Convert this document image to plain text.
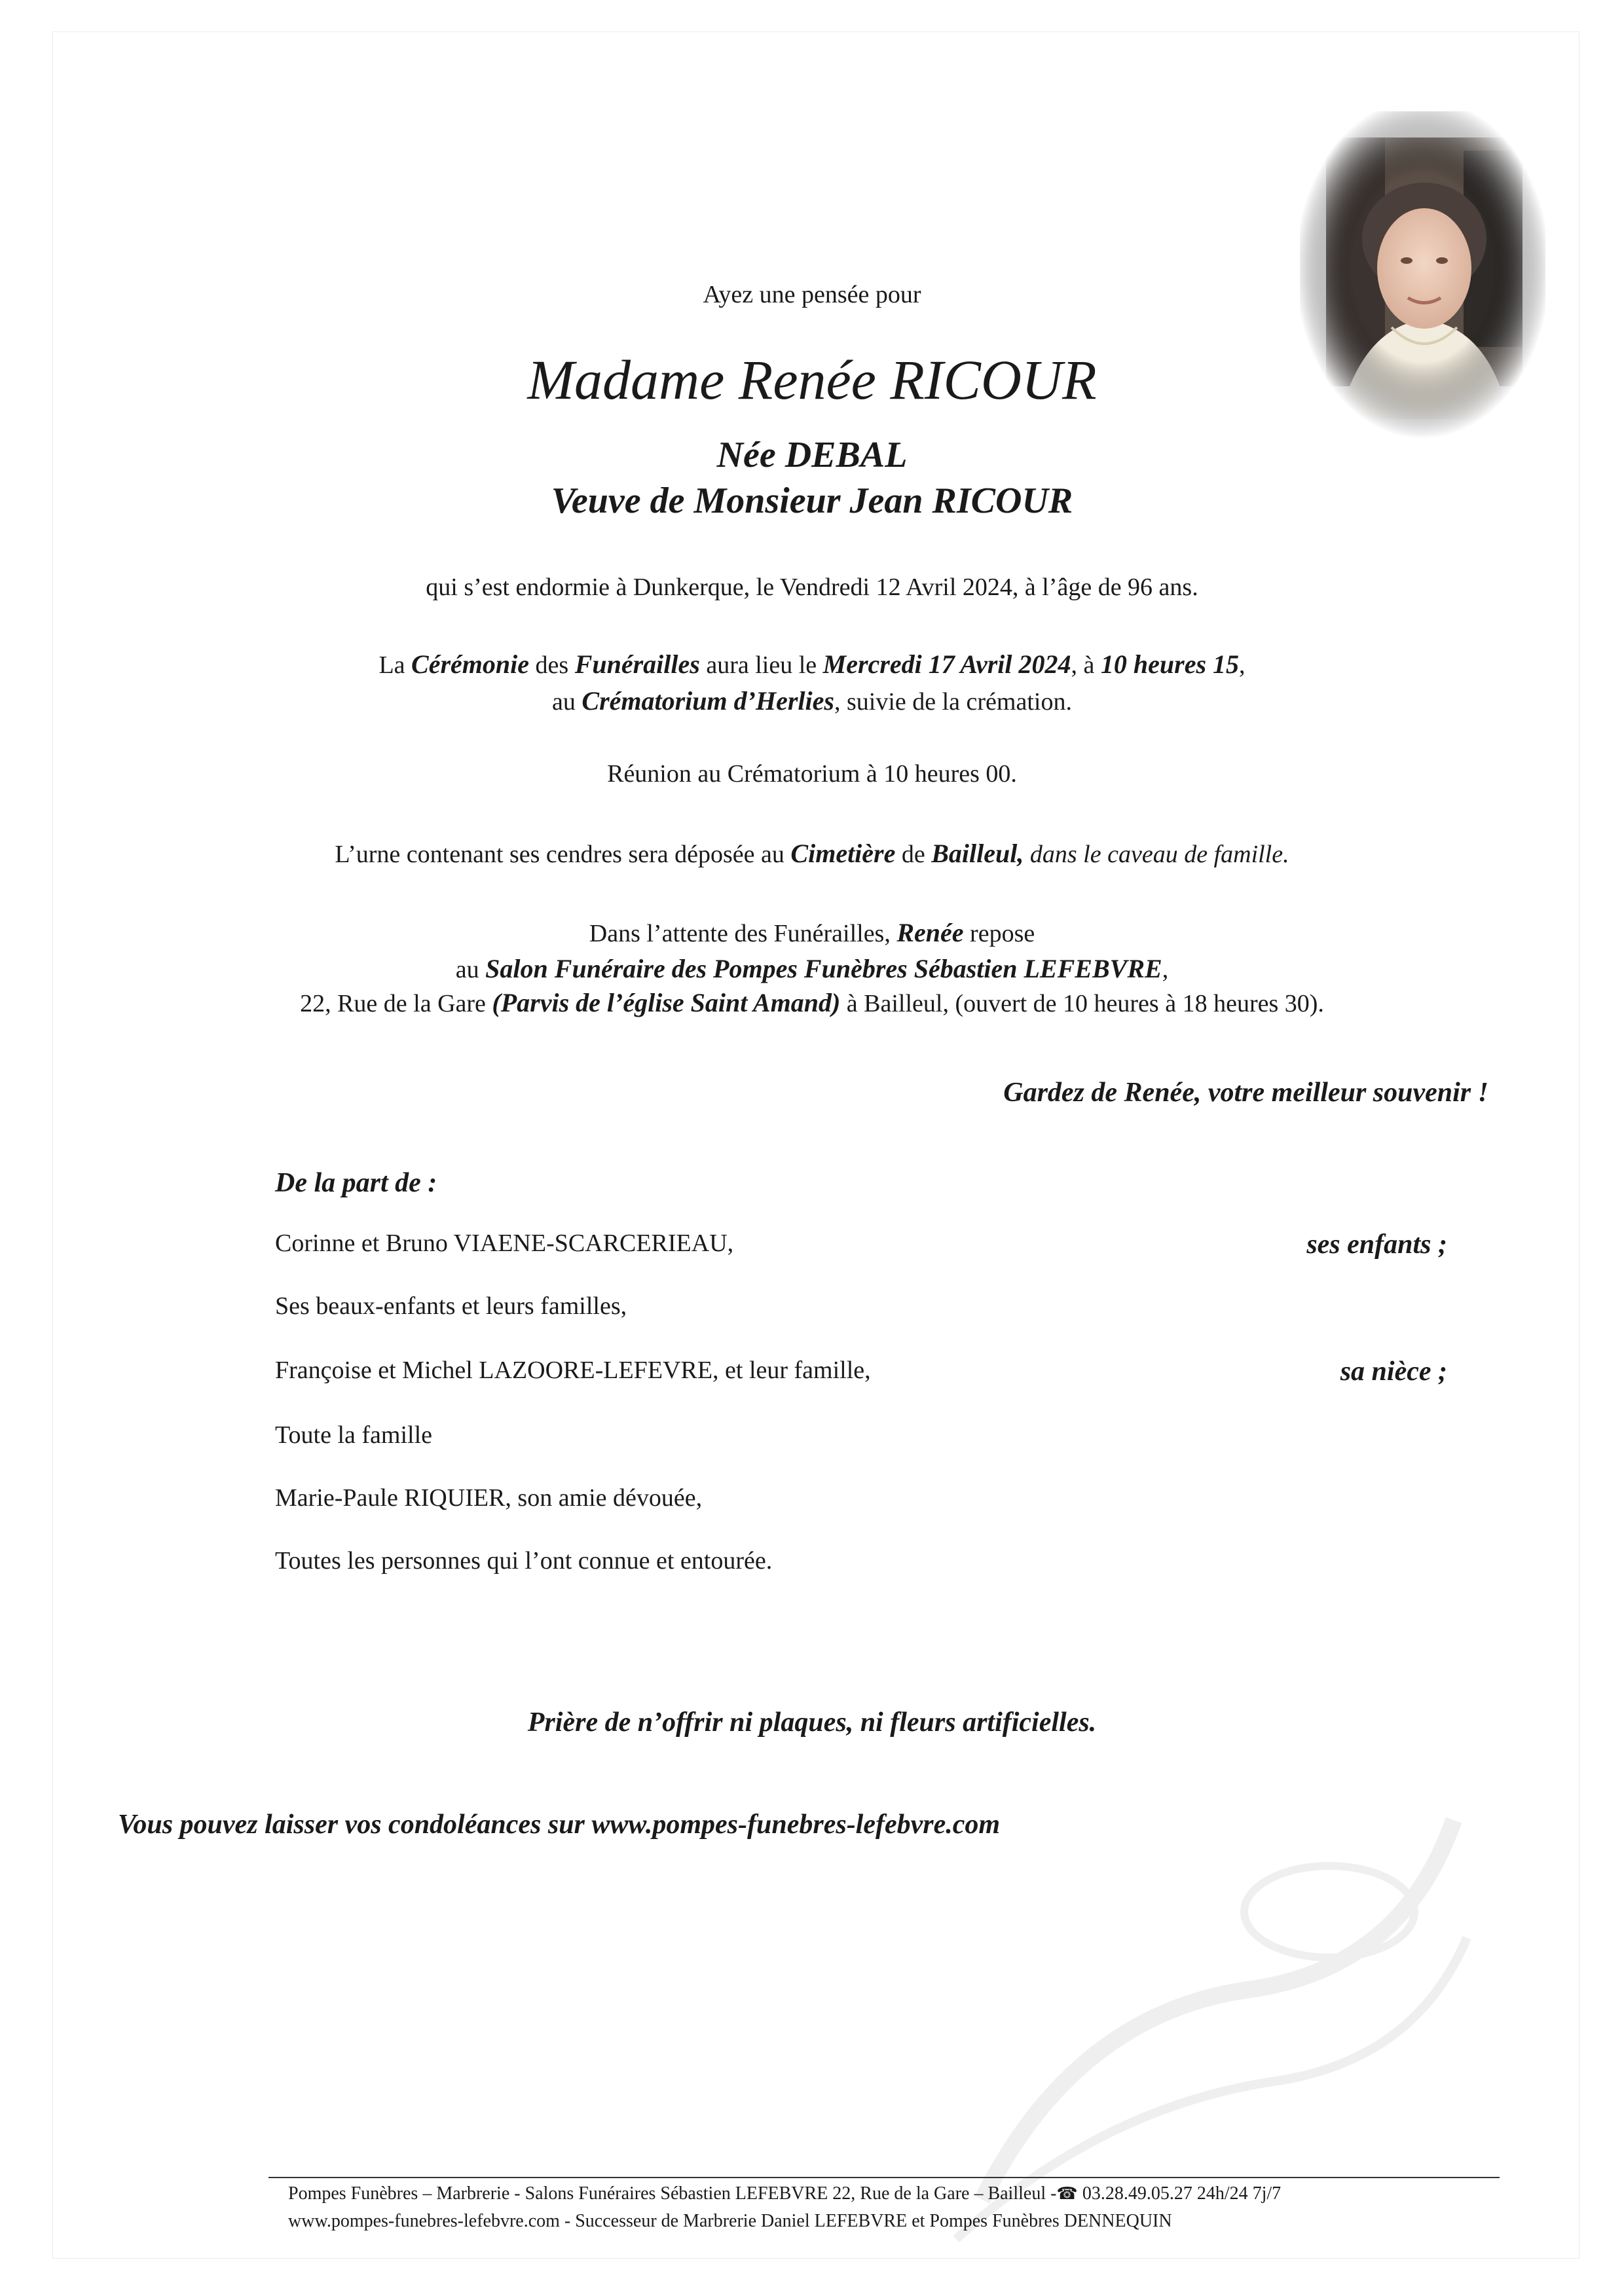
Ayez une pensée pour
Madame Renée RICOUR
Née DEBAL
Veuve de Monsieur Jean RICOUR
qui s’est endormie à Dunkerque, le Vendredi 12 Avril 2024, à l’âge de 96 ans.
La Cérémonie des Funérailles aura lieu le Mercredi 17 Avril 2024, à 10 heures 15,
au Crématorium d’Herlies, suivie de la crémation.
Réunion au Crématorium à 10 heures 00.
L’urne contenant ses cendres sera déposée au Cimetière de Bailleul, dans le caveau de famille.
Dans l’attente des Funérailles, Renée repose
au Salon Funéraire des Pompes Funèbres Sébastien LEFEBVRE,
22, Rue de la Gare (Parvis de l’église Saint Amand) à Bailleul, (ouvert de 10 heures à 18 heures 30).
Gardez de Renée, votre meilleur souvenir !
De la part de :
Corinne et Bruno VIAENE-SCARCERIEAU,	ses enfants ;
Ses beaux-enfants et leurs familles,
Françoise et Michel LAZOORE-LEFEVRE, et leur famille,	sa nièce ;
Toute la famille
Marie-Paule RIQUIER, son amie dévouée,
Toutes les personnes qui l’ont connue et entourée.
Prière de n’offrir ni plaques, ni fleurs artificielles.
Vous pouvez laisser vos condoléances sur www.pompes-funebres-lefebvre.com
Pompes Funèbres – Marbrerie - Salons Funéraires Sébastien LEFEBVRE 22, Rue de la Gare – Bailleul -☎ 03.28.49.05.27 24h/24 7j/7
www.pompes-funebres-lefebvre.com - Successeur de Marbrerie Daniel LEFEBVRE et Pompes Funèbres DENNEQUIN
